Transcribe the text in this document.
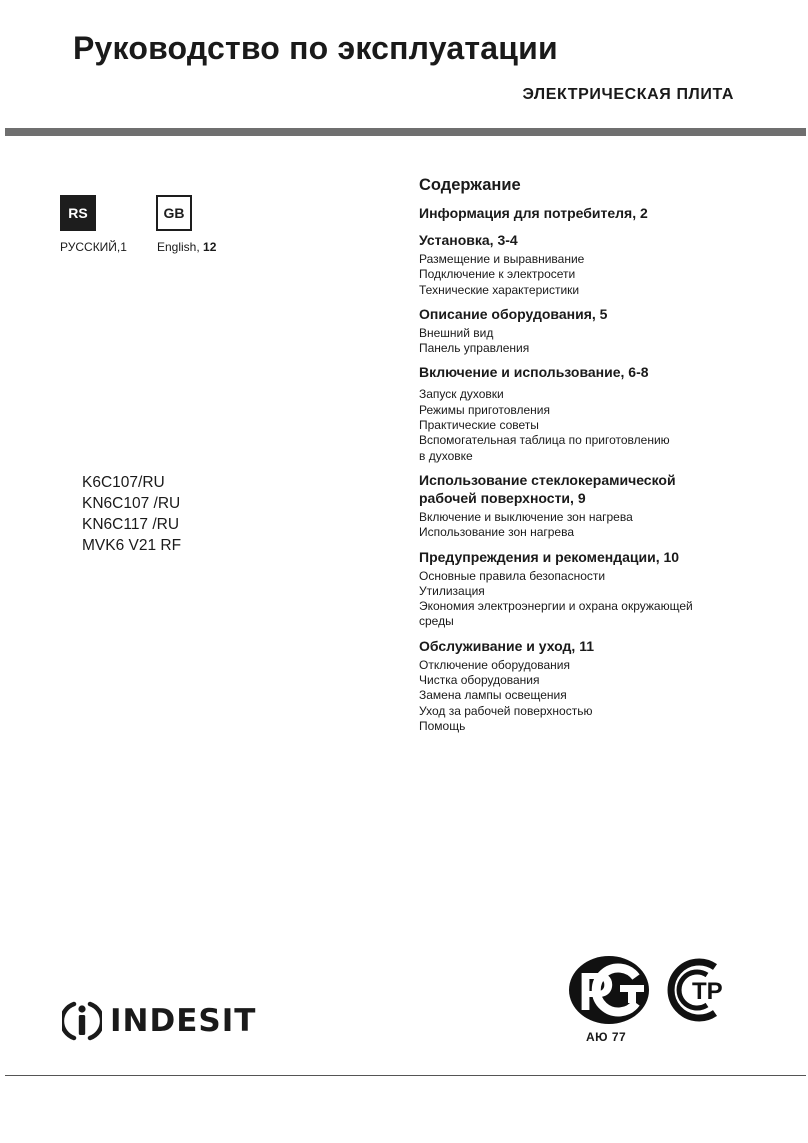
Руководство по эксплуатации
ЭЛЕКТРИЧЕСКАЯ ПЛИТА
RS	GB
РУССКИЙ,1	English, 12
K6C107/RU
KN6C107 /RU
KN6C117 /RU
MVK6 V21 RF
Содержание
Информация для потребителя, 2
Установка, 3-4
Размещение и выравнивание
Подключение к электросети
Технические характеристики
Описание оборудования, 5
Внешний вид
Панель управления
Включение и использование, 6-8
Запуск духовки
Режимы приготовления
Практические советы
Вспомогательная таблица по приготовлению
в духовке
Использование стеклокерамической
рабочей поверхности, 9
Включение и выключение зон нагрева
Использование зон нагрева
Предупреждения и рекомендации, 10
Основные правила безопасности
Утилизация
Экономия электроэнергии и охрана окружающей
среды
Обслуживание и уход, 11
Отключение оборудования
Чистка оборудования
Замена лампы освещения
Уход за рабочей поверхностью
Помощь
INDESIT	P	ТР
АЮ 77
